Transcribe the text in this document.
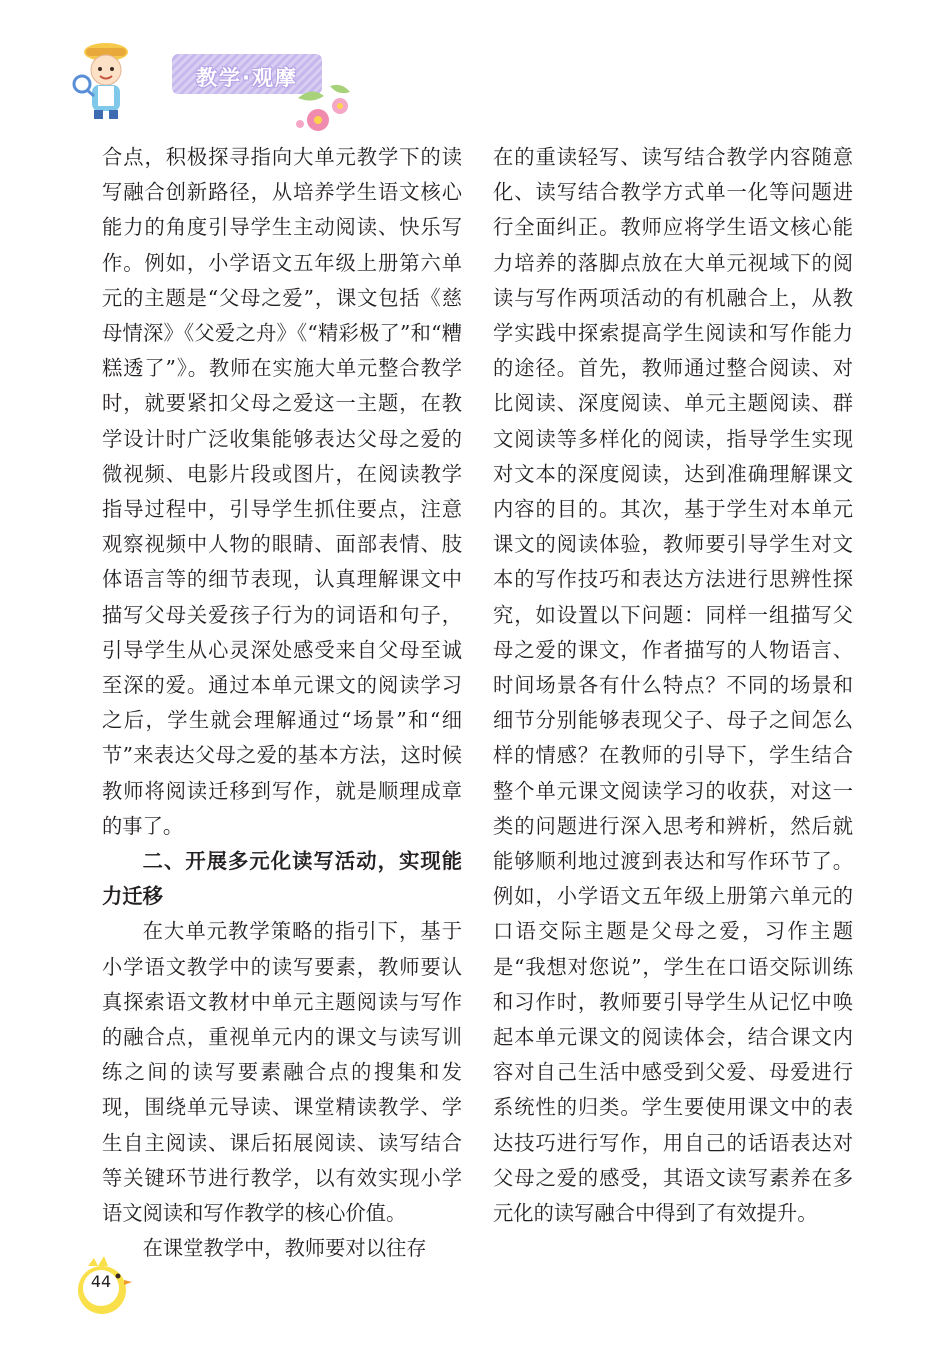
教学·观摩

合点，积极探寻指向大单元教学下的读写融合创新路径，从培养学生语文核心能力的角度引导学生主动阅读、快乐写作。例如，小学语文五年级上册第六单元的主题是“父母之爱”，课文包括《慈母情深》《父爱之舟》《“精彩极了”和“糟糕透了”》。教师在实施大单元整合教学时，就要紧扣父母之爱这一主题，在教学设计时广泛收集能够表达父母之爱的微视频、电影片段或图片，在阅读教学指导过程中，引导学生抓住要点，注意观察视频中人物的眼睛、面部表情、肢体语言等的细节表现，认真理解课文中描写父母关爱孩子行为的词语和句子，引导学生从心灵深处感受来自父母至诚至深的爱。通过本单元课文的阅读学习之后，学生就会理解通过“场景”和“细节”来表达父母之爱的基本方法，这时候教师将阅读迁移到写作，就是顺理成章的事了。

二、开展多元化读写活动，实现能力迁移

在大单元教学策略的指引下，基于小学语文教学中的读写要素，教师要认真探索语文教材中单元主题阅读与写作的融合点，重视单元内的课文与读写训练之间的读写要素融合点的搜集和发现，围绕单元导读、课堂精读教学、学生自主阅读、课后拓展阅读、读写结合等关键环节进行教学，以有效实现小学语文阅读和写作教学的核心价值。

在课堂教学中，教师要对以往存

在的重读轻写、读写结合教学内容随意化、读写结合教学方式单一化等问题进行全面纠正。教师应将学生语文核心能力培养的落脚点放在大单元视域下的阅读与写作两项活动的有机融合上，从教学实践中探索提高学生阅读和写作能力的途径。首先，教师通过整合阅读、对比阅读、深度阅读、单元主题阅读、群文阅读等多样化的阅读，指导学生实现对文本的深度阅读，达到准确理解课文内容的目的。其次，基于学生对本单元课文的阅读体验，教师要引导学生对文本的写作技巧和表达方法进行思辨性探究，如设置以下问题：同样一组描写父母之爱的课文，作者描写的人物语言、时间场景各有什么特点？不同的场景和细节分别能够表现父子、母子之间怎么样的情感？在教师的引导下，学生结合整个单元课文阅读学习的收获，对这一类的问题进行深入思考和辨析，然后就能够顺利地过渡到表达和写作环节了。例如，小学语文五年级上册第六单元的口语交际主题是父母之爱，习作主题是“我想对您说”，学生在口语交际训练和习作时，教师要引导学生从记忆中唤起本单元课文的阅读体会，结合课文内容对自己生活中感受到父爱、母爱进行系统性的归类。学生要使用课文中的表达技巧进行写作，用自己的话语表达对父母之爱的感受，其语文读写素养在多元化的读写融合中得到了有效提升。

44
